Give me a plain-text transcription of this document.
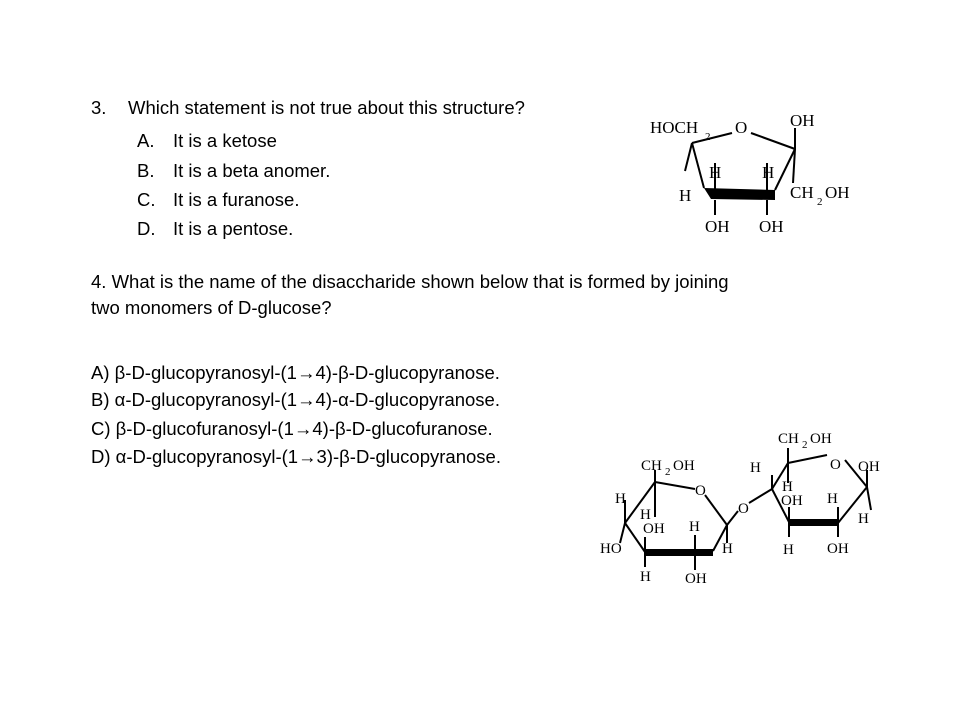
3. Which statement is not true about this structure?
A. It is a ketose
B. It is a beta anomer.
C. It is a furanose.
D. It is a pentose.
HOCH 2 O	OH
H H
H	CH 2 OH
OH OH
4. What is the name of the disaccharide shown below that is formed by joining
two monomers of D-glucose?
A) β-D-glucopyranosyl-(1→4)-β-D-glucopyranose.
B) α-D-glucopyranosyl-(1→4)-α-D-glucopyranose.
C) β-D-glucofuranosyl-(1→4)-β-D-glucofuranose.
D) α-D-glucopyranosyl-(1→3)-β-D-glucopyranose.	CH 2 OH
O
H
H
OH H
HO	H
H OH
O
CH 2 OH
O OH
H
H
OH H
H
H OH
